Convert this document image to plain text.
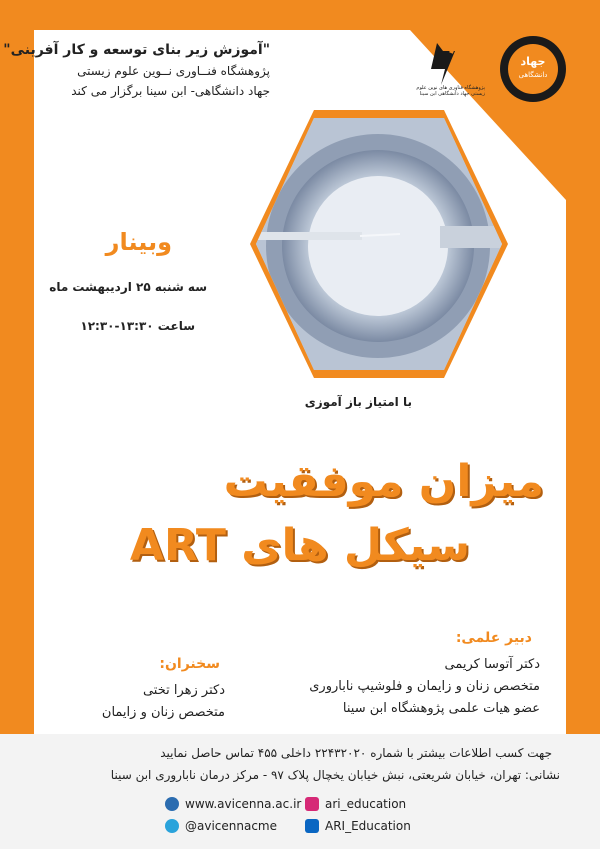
پژوهشگاه فناوری های نوین علوم زیستی جهاد دانشگاهی ابن سینا
جهاد
دانشگاهی
"آموزش زیر بنای توسعه و کار آفرینی"
پژوهشگاه فنــاوری نــوین علوم زیستی
جهاد دانشگاهی- ابن سینا برگزار می کند
وبینار
سه شنبه ۲۵ اردیبهشت ماه
ساعت ۱۳:۳۰-۱۲:۳۰
با امتیاز باز آموزی
میزان موفقیت
سیکل های ART
دبیر علمی:
دکتر آتوسا کریمی
متخصص زنان و زایمان و فلوشیپ ناباروری
عضو هیات علمی پژوهشگاه ابن سینا
سخنران:
دکتر زهرا تختی
متخصص زنان و زایمان
جهت کسب اطلاعات بیشتر با شماره ۲۲۴۳۲۰۲۰ داخلی ۴۵۵ تماس حاصل نمایید
نشانی: تهران، خیابان شریعتی، نبش خیابان یخچال پلاک ۹۷ - مرکز درمان ناباروری ابن سینا
www.avicenna.ac.ir
@avicennacme
ari_education
ARI_Education
